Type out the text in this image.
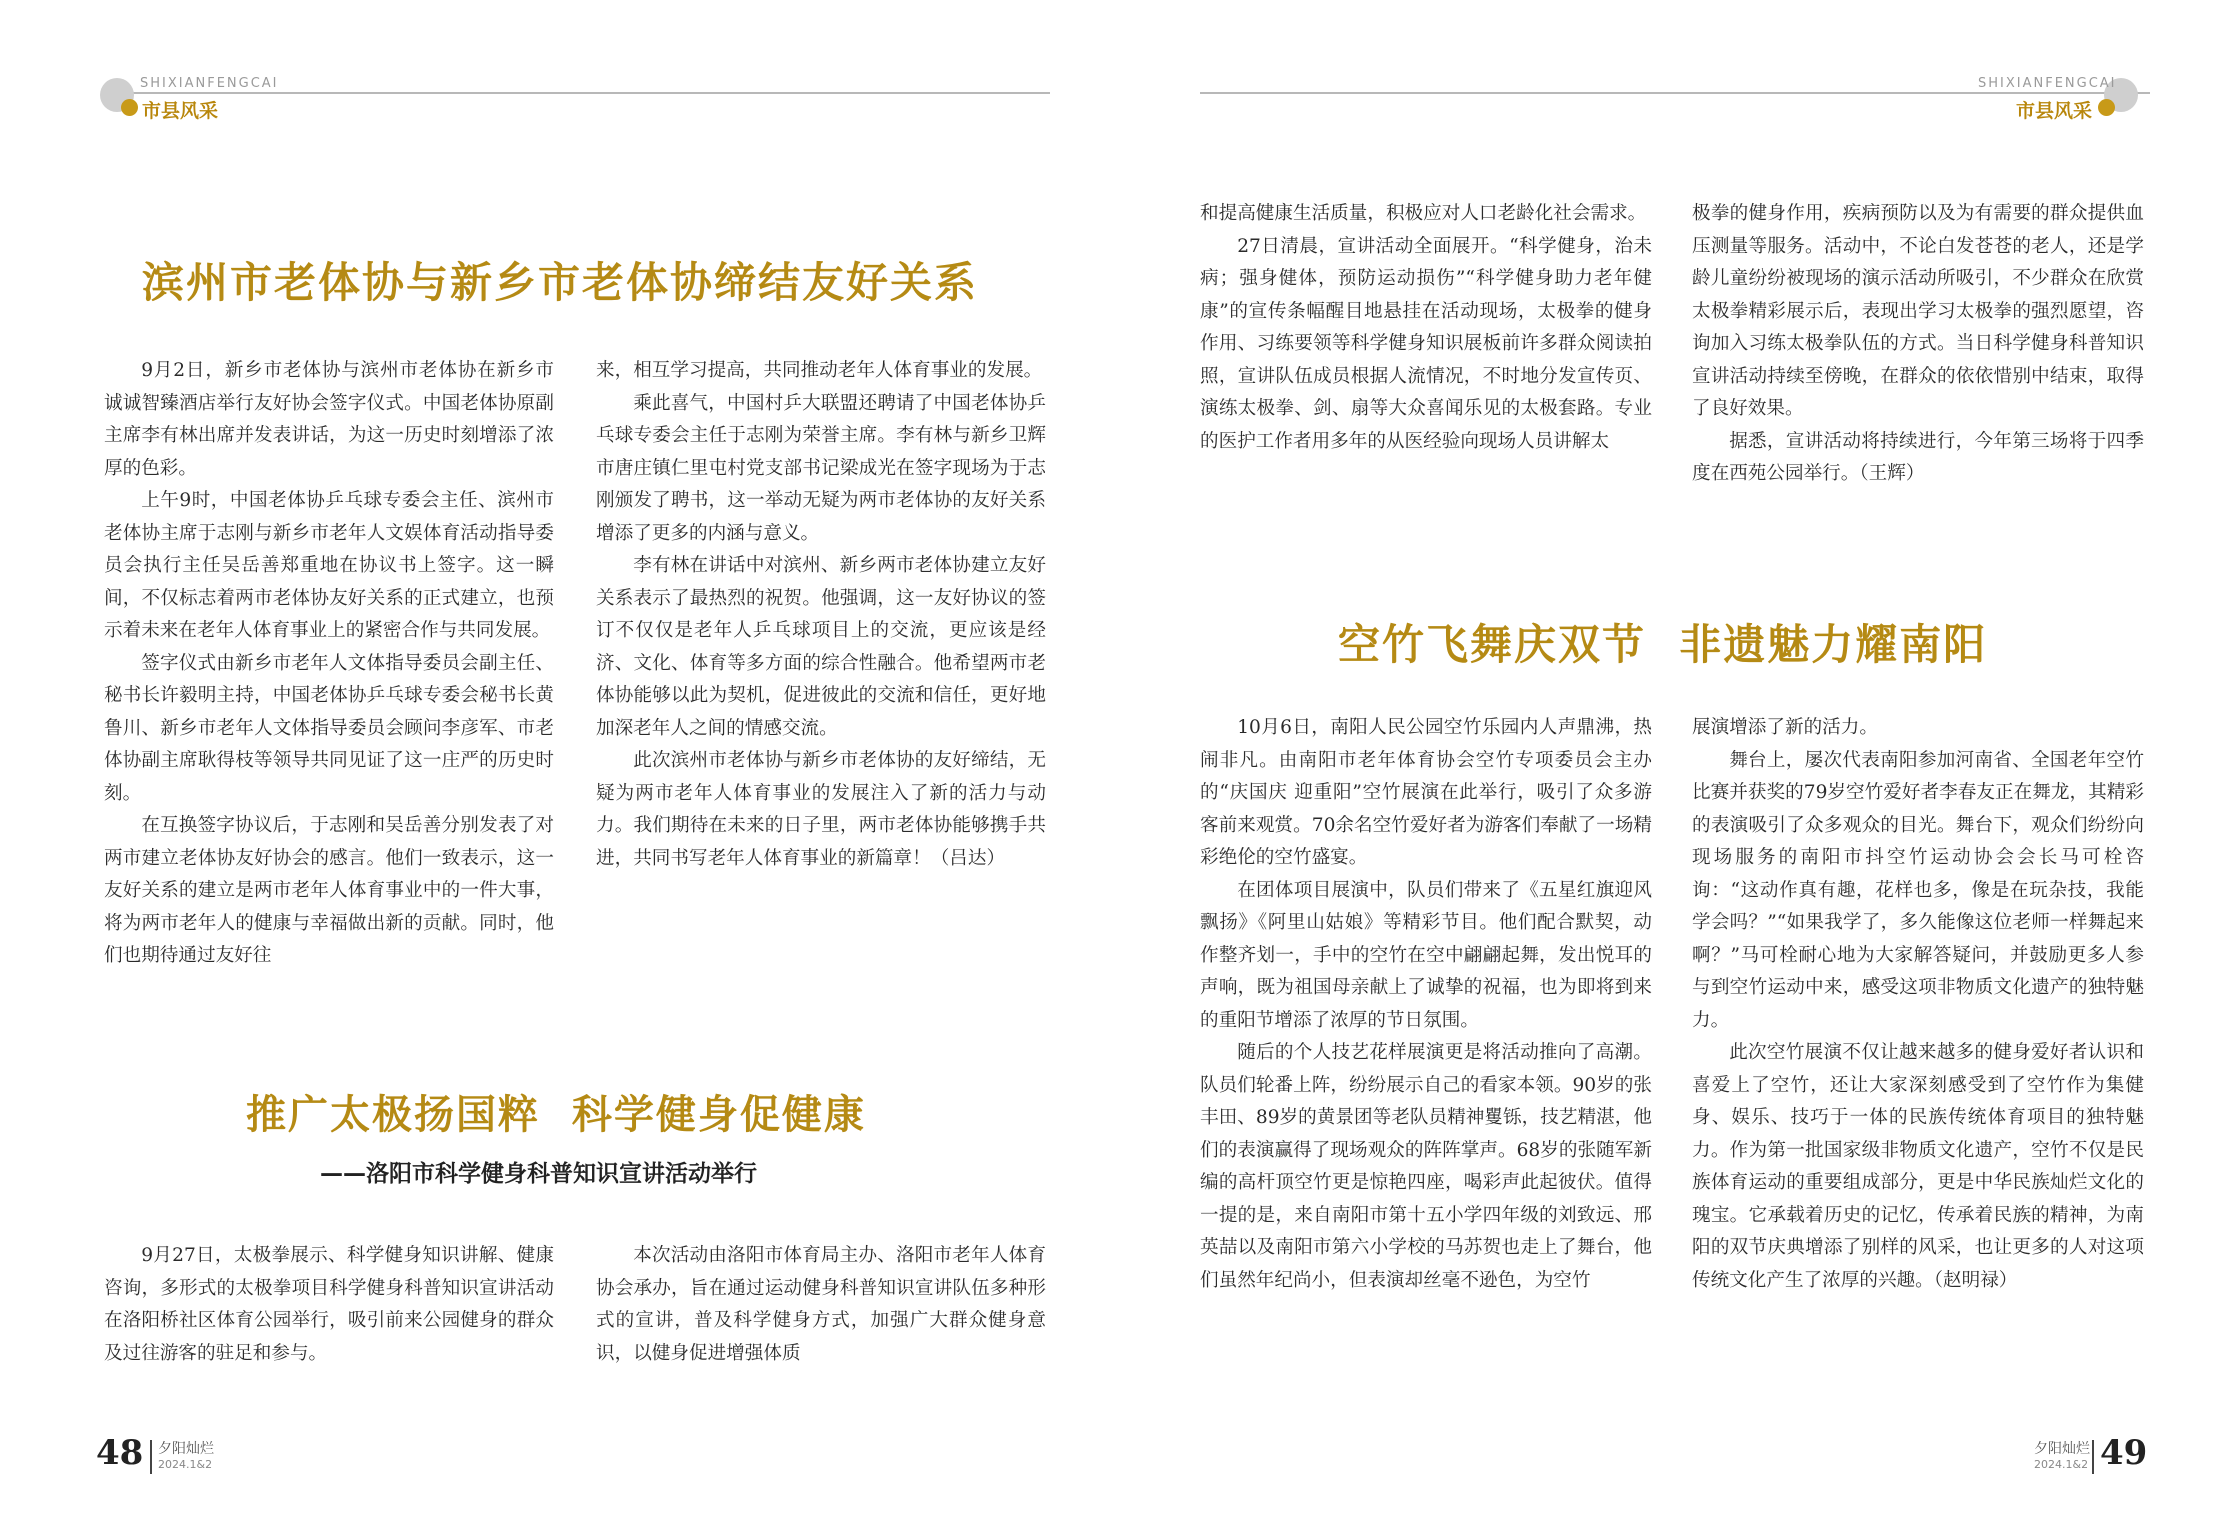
SHIXIANFENGCAI
市县风采
SHIXIANFENGCAI
市县风采
滨州市老体协与新乡市老体协缔结友好关系

9月2日，新乡市老体协与滨州市老体协在新乡市诚诚智臻酒店举行友好协会签字仪式。中国老体协原副主席李有林出席并发表讲话，为这一历史时刻增添了浓厚的色彩。

上午9时，中国老体协乒乓球专委会主任、滨州市老体协主席于志刚与新乡市老年人文娱体育活动指导委员会执行主任吴岳善郑重地在协议书上签字。这一瞬间，不仅标志着两市老体协友好关系的正式建立，也预示着未来在老年人体育事业上的紧密合作与共同发展。

签字仪式由新乡市老年人文体指导委员会副主任、秘书长许毅明主持，中国老体协乒乓球专委会秘书长黄鲁川、新乡市老年人文体指导委员会顾问李彦军、市老体协副主席耿得枝等领导共同见证了这一庄严的历史时刻。

在互换签字协议后，于志刚和吴岳善分别发表了对两市建立老体协友好协会的感言。他们一致表示，这一友好关系的建立是两市老年人体育事业中的一件大事，将为两市老年人的健康与幸福做出新的贡献。同时，他们也期待通过友好往

来，相互学习提高，共同推动老年人体育事业的发展。

乘此喜气，中国村乒大联盟还聘请了中国老体协乒乓球专委会主任于志刚为荣誉主席。李有林与新乡卫辉市唐庄镇仁里屯村党支部书记梁成光在签字现场为于志刚颁发了聘书，这一举动无疑为两市老体协的友好关系增添了更多的内涵与意义。

李有林在讲话中对滨州、新乡两市老体协建立友好关系表示了最热烈的祝贺。他强调，这一友好协议的签订不仅仅是老年人乒乓球项目上的交流，更应该是经济、文化、体育等多方面的综合性融合。他希望两市老体协能够以此为契机，促进彼此的交流和信任，更好地加深老年人之间的情感交流。

此次滨州市老体协与新乡市老体协的友好缔结，无疑为两市老年人体育事业的发展注入了新的活力与动力。我们期待在未来的日子里，两市老体协能够携手共进，共同书写老年人体育事业的新篇章！（吕达）

推广太极扬国粹  科学健身促健康
——洛阳市科学健身科普知识宣讲活动举行

9月27日，太极拳展示、科学健身知识讲解、健康咨询，多形式的太极拳项目科学健身科普知识宣讲活动在洛阳桥社区体育公园举行，吸引前来公园健身的群众及过往游客的驻足和参与。

本次活动由洛阳市体育局主办、洛阳市老年人体育协会承办，旨在通过运动健身科普知识宣讲队伍多种形式的宣讲，普及科学健身方式，加强广大群众健身意识，以健身促进增强体质

和提高健康生活质量，积极应对人口老龄化社会需求。

27日清晨，宣讲活动全面展开。“科学健身，治未病；强身健体，预防运动损伤”“科学健身助力老年健康”的宣传条幅醒目地悬挂在活动现场，太极拳的健身作用、习练要领等科学健身知识展板前许多群众阅读拍照，宣讲队伍成员根据人流情况，不时地分发宣传页、演练太极拳、剑、扇等大众喜闻乐见的太极套路。专业的医护工作者用多年的从医经验向现场人员讲解太

极拳的健身作用，疾病预防以及为有需要的群众提供血压测量等服务。活动中，不论白发苍苍的老人，还是学龄儿童纷纷被现场的演示活动所吸引，不少群众在欣赏太极拳精彩展示后，表现出学习太极拳的强烈愿望，咨询加入习练太极拳队伍的方式。当日科学健身科普知识宣讲活动持续至傍晚，在群众的依依惜别中结束，取得了良好效果。

据悉，宣讲活动将持续进行，今年第三场将于四季度在西苑公园举行。（王辉）

空竹飞舞庆双节  非遗魅力耀南阳

10月6日，南阳人民公园空竹乐园内人声鼎沸，热闹非凡。由南阳市老年体育协会空竹专项委员会主办的“庆国庆 迎重阳”空竹展演在此举行，吸引了众多游客前来观赏。70余名空竹爱好者为游客们奉献了一场精彩绝伦的空竹盛宴。

在团体项目展演中，队员们带来了《五星红旗迎风飘扬》《阿里山姑娘》等精彩节目。他们配合默契，动作整齐划一，手中的空竹在空中翩翩起舞，发出悦耳的声响，既为祖国母亲献上了诚挚的祝福，也为即将到来的重阳节增添了浓厚的节日氛围。

随后的个人技艺花样展演更是将活动推向了高潮。队员们轮番上阵，纷纷展示自己的看家本领。90岁的张丰田、89岁的黄景团等老队员精神矍铄，技艺精湛，他们的表演赢得了现场观众的阵阵掌声。68岁的张随军新编的高杆顶空竹更是惊艳四座，喝彩声此起彼伏。值得一提的是，来自南阳市第十五小学四年级的刘致远、邢英喆以及南阳市第六小学校的马苏贺也走上了舞台，他们虽然年纪尚小，但表演却丝毫不逊色，为空竹

展演增添了新的活力。

舞台上，屡次代表南阳参加河南省、全国老年空竹比赛并获奖的79岁空竹爱好者李春友正在舞龙，其精彩的表演吸引了众多观众的目光。舞台下，观众们纷纷向现场服务的南阳市抖空竹运动协会会长马可栓咨询：“这动作真有趣，花样也多，像是在玩杂技，我能学会吗？”“如果我学了，多久能像这位老师一样舞起来啊？”马可栓耐心地为大家解答疑问，并鼓励更多人参与到空竹运动中来，感受这项非物质文化遗产的独特魅力。

此次空竹展演不仅让越来越多的健身爱好者认识和喜爱上了空竹，还让大家深刻感受到了空竹作为集健身、娱乐、技巧于一体的民族传统体育项目的独特魅力。作为第一批国家级非物质文化遗产，空竹不仅是民族体育运动的重要组成部分，更是中华民族灿烂文化的瑰宝。它承载着历史的记忆，传承着民族的精神，为南阳的双节庆典增添了别样的风采，也让更多的人对这项传统文化产生了浓厚的兴趣。（赵明禄）

48 夕阳灿烂
2024.1&2
夕阳灿烂
2024.1&2 49
